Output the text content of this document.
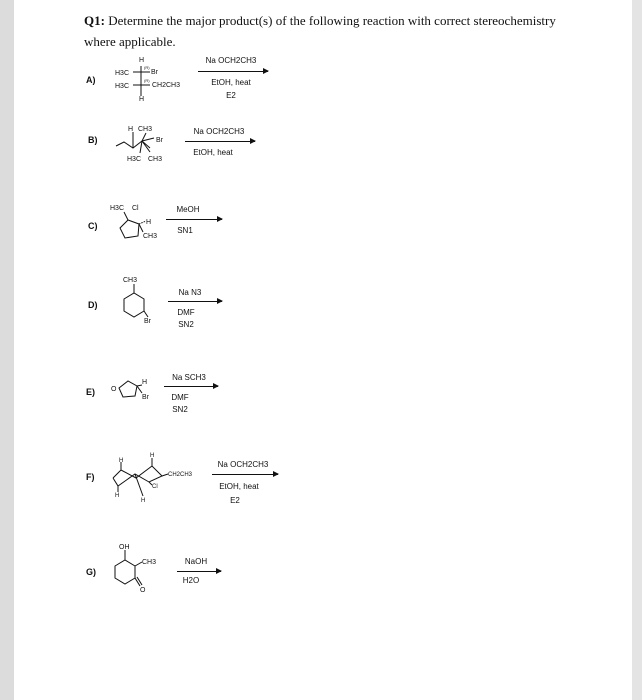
Q1: Determine the major product(s) of the following reaction with correct stereochemistry where applicable.
A)
B)
C)
D)
E)
F)
G)
H
H3C	Br
(R)
(R)
H3C	CH2CH3
H
H CH3
Br
H3C CH3
H3C Cl
H
CH3
CH3
Br
O
H
Br
H
H
H
H
Cl
CH2CH3
OH
CH3
O
Na OCH2CH3
EtOH, heat
E2
Na OCH2CH3
EtOH, heat
MeOH
SN1
Na N3
DMF
SN2
Na SCH3
DMF
SN2
Na OCH2CH3
EtOH, heat
E2
NaOH
H2O
